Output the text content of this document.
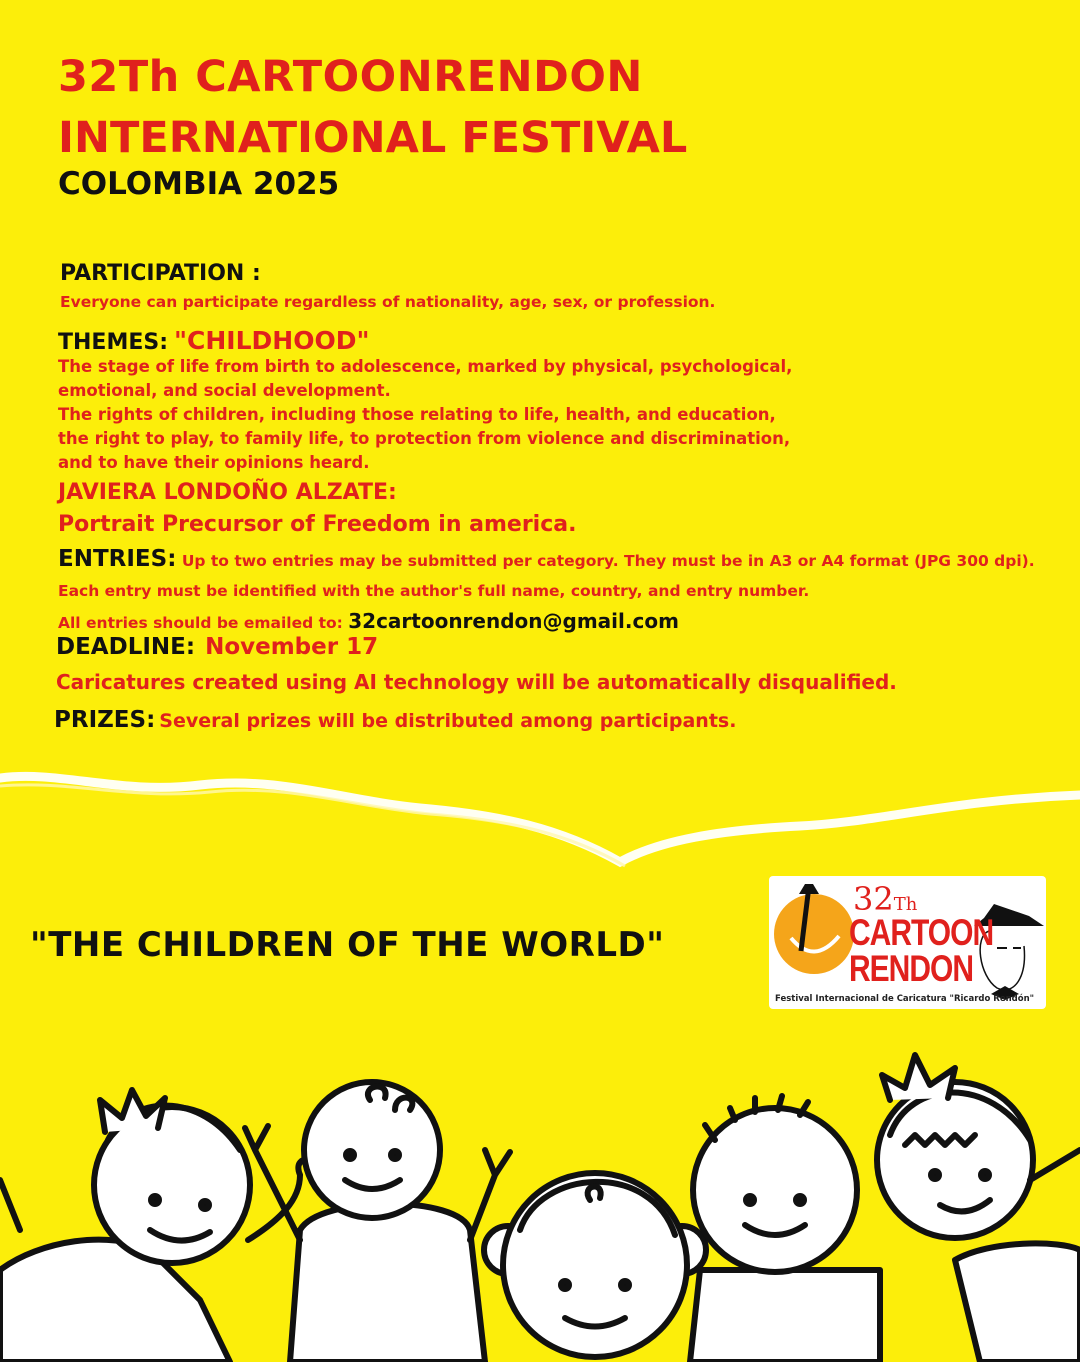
32Th CARTOONRENDON
INTERNATIONAL FESTIVAL
COLOMBIA 2025
PARTICIPATION :
Everyone can participate regardless of nationality, age, sex, or profession.
THEMES: "CHILDHOOD"
The stage of life from birth to adolescence, marked by physical, psychological,
emotional, and social development.
The rights of children, including those relating to life, health, and education,
the right to play, to family life, to protection from violence and discrimination,
and to have their opinions heard.
JAVIERA LONDOÑO ALZATE:
Portrait Precursor of Freedom in america.
ENTRIES: Up to two entries may be submitted per category. They must be in A3 or A4 format (JPG 300 dpi). Each entry must be identified with the author's full name, country, and entry number.
All entries should be emailed to: 32cartoonrendon@gmail.com
DEADLINE: November 17
Caricatures created using AI technology will be automatically disqualified.
PRIZES: Several prizes will be distributed among participants.
"THE CHILDREN OF THE WORLD"
32Th
CARTOON
RENDON
Festival Internacional de Caricatura "Ricardo Rendón"
